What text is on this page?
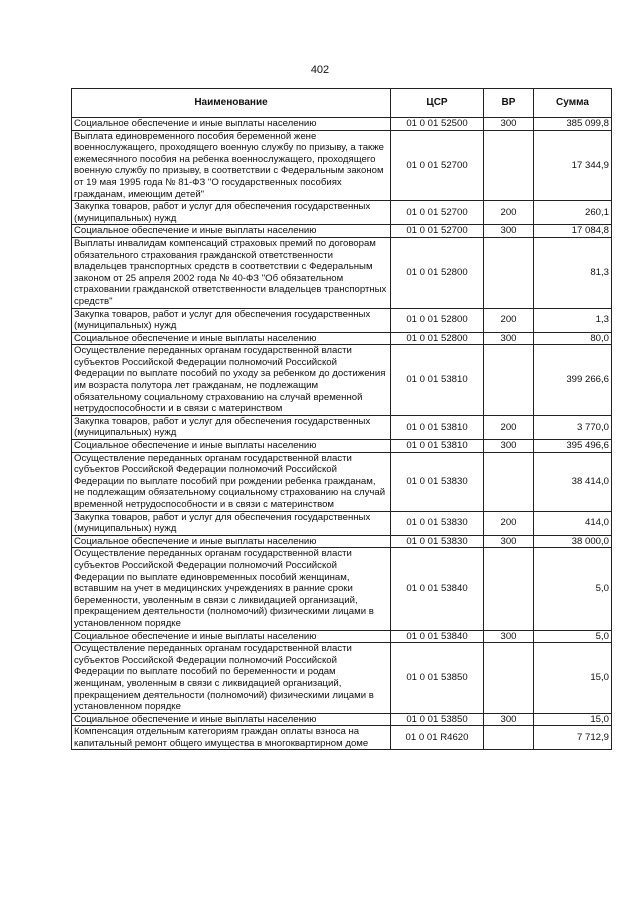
402
Наименование	ЦСР	ВР	Сумма
Социальное обеспечение и иные выплаты населению	01 0 01 52500	300	385 099,8
Выплата единовременного пособия беременной жене военнослужащего, проходящего военную службу по призыву, а также ежемесячного пособия на ребенка военнослужащего, проходящего военную службу по призыву, в соответствии с Федеральным законом от 19 мая 1995 года № 81-ФЗ "О государственных пособиях гражданам, имеющим детей"	01 0 01 52700		17 344,9
Закупка товаров, работ и услуг для обеспечения государственных (муниципальных) нужд	01 0 01 52700	200	260,1
Социальное обеспечение и иные выплаты населению	01 0 01 52700	300	17 084,8
Выплаты инвалидам компенсаций страховых премий по договорам обязательного страхования гражданской ответственности владельцев транспортных средств в соответствии с Федеральным законом от 25 апреля 2002 года № 40-ФЗ "Об обязательном страховании гражданской ответственности владельцев транспортных средств"	01 0 01 52800		81,3
Закупка товаров, работ и услуг для обеспечения государственных (муниципальных) нужд	01 0 01 52800	200	1,3
Социальное обеспечение и иные выплаты населению	01 0 01 52800	300	80,0
Осуществление переданных органам государственной власти субъектов Российской Федерации полномочий Российской Федерации по выплате пособий по уходу за ребенком до достижения им возраста полутора лет гражданам, не подлежащим обязательному социальному страхованию на случай временной нетрудоспособности и в связи с материнством	01 0 01 53810		399 266,6
Закупка товаров, работ и услуг для обеспечения государственных (муниципальных) нужд	01 0 01 53810	200	3 770,0
Социальное обеспечение и иные выплаты населению	01 0 01 53810	300	395 496,6
Осуществление переданных органам государственной власти субъектов Российской Федерации полномочий Российской Федерации по выплате пособий при рождении ребенка гражданам, не подлежащим обязательному социальному страхованию на случай временной нетрудоспособности и в связи с материнством	01 0 01 53830		38 414,0
Закупка товаров, работ и услуг для обеспечения государственных (муниципальных) нужд	01 0 01 53830	200	414,0
Социальное обеспечение и иные выплаты населению	01 0 01 53830	300	38 000,0
Осуществление переданных органам государственной власти субъектов Российской Федерации полномочий Российской Федерации по выплате единовременных пособий женщинам, вставшим на учет в медицинских учреждениях в ранние сроки беременности, уволенным в связи с ликвидацией организаций, прекращением деятельности (полномочий) физическими лицами в установленном порядке	01 0 01 53840		5,0
Социальное обеспечение и иные выплаты населению	01 0 01 53840	300	5,0
Осуществление переданных органам государственной власти субъектов Российской Федерации полномочий Российской Федерации по выплате пособий по беременности и родам женщинам, уволенным в связи с ликвидацией организаций, прекращением деятельности (полномочий) физическими лицами в установленном порядке	01 0 01 53850		15,0
Социальное обеспечение и иные выплаты населению	01 0 01 53850	300	15,0
Компенсация отдельным категориям граждан оплаты взноса на капитальный ремонт общего имущества в многоквартирном доме	01 0 01 R4620		7 712,9
